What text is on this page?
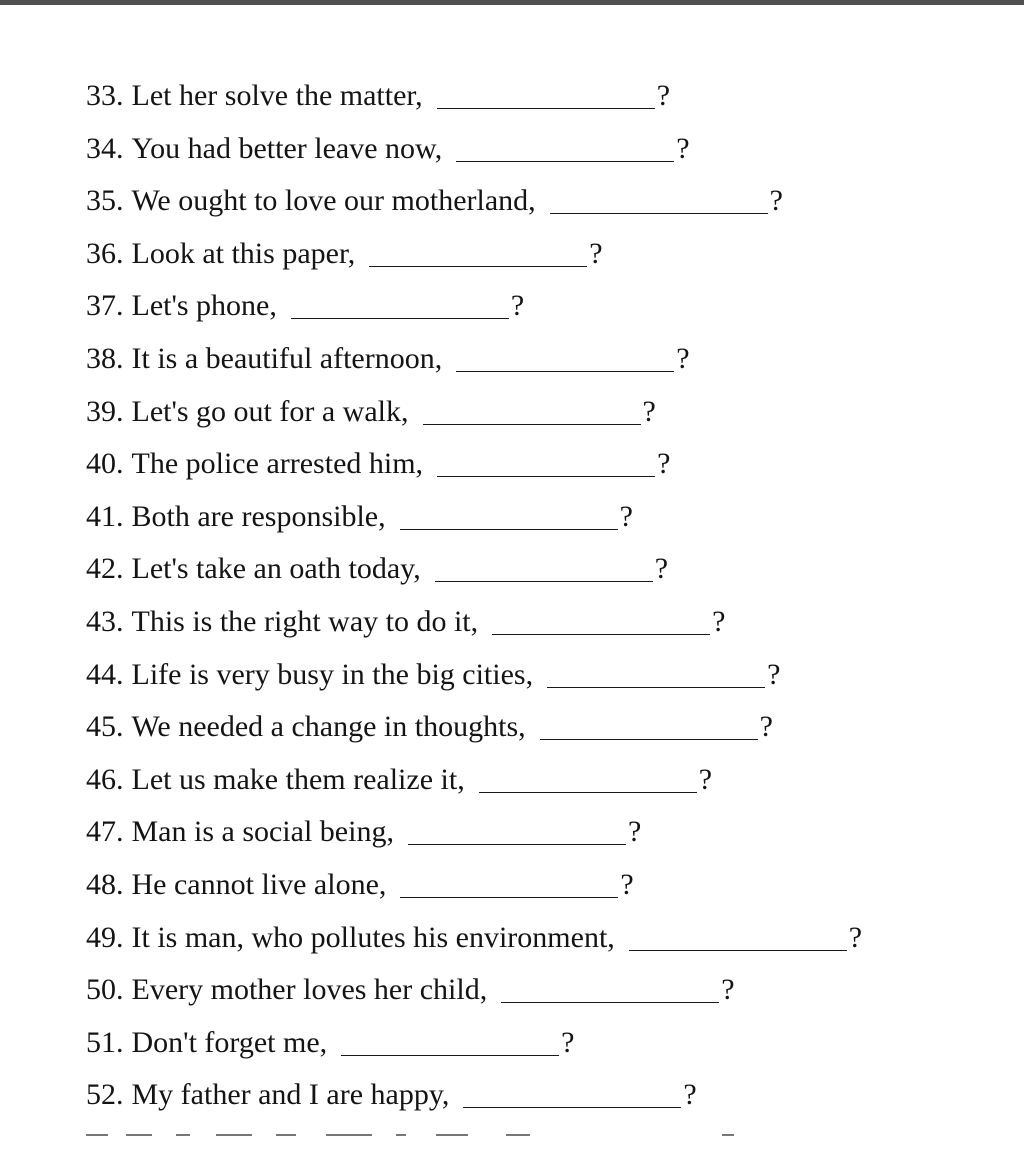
33. Let her solve the matter,	?
34. You had better leave now,	?
35. We ought to love our motherland,	?
36. Look at this paper,	?
37. Let's phone,	?
38. It is a beautiful afternoon,	?
39. Let's go out for a walk,	?
40. The police arrested him,	?
41. Both are responsible,	?
42. Let's take an oath today,	?
43. This is the right way to do it,	?
44. Life is very busy in the big cities,	?
45. We needed a change in thoughts,	?
46. Let us make them realize it,	?
47. Man is a social being,	?
48. He cannot live alone,	?
49. It is man, who pollutes his environment,	?
50. Every mother loves her child,	?
51. Don't forget me,	?
52. My father and I are happy,	?
